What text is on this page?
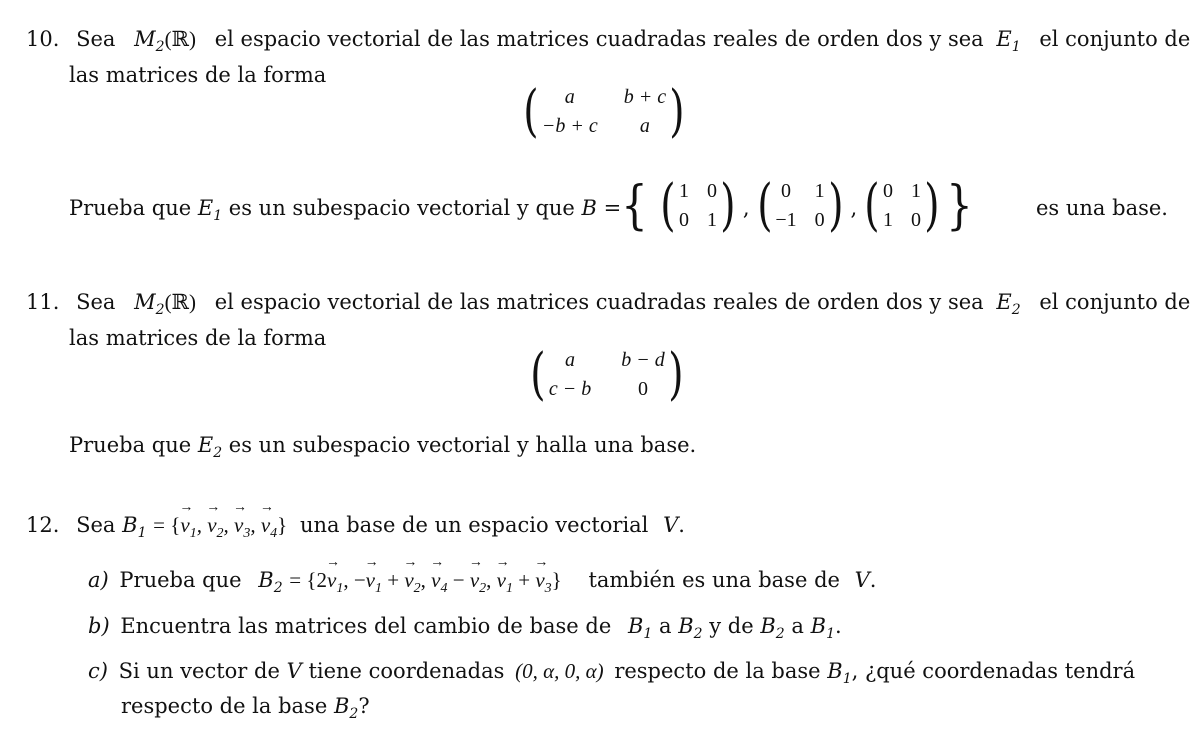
10. Sea $M_2(ℝ)$ el espacio vectorial de las matrices cuadradas reales de orden dos y sea $E_1$ el conjunto de
las matrices de la forma
(	a	b + c
−b + c	a )
Prueba que $E_1$ es un subespacio vectorial y que B = { ( 1 0
0 1 ) , ( 0 1
−1 0 ) , ( 0 1
1 0 ) }	es una base.
11. Sea $M_2(ℝ)$ el espacio vectorial de las matrices cuadradas reales de orden dos y sea $E_2$ el conjunto de
las matrices de la forma
( a	b − d
c − b	0 )
Prueba que $E_2$ es un subespacio vectorial y halla una base.
12. Sea $B_1$ = {→ $v_1$, → $v_2$, → $v_3$, → $v_4$} una base de un espacio vectorial V.
a) Prueba que $B_2 = \{2\to v_1$, −→ $v_1$ + → $v_2$, → $v_4$ − → $v_2$, → $v_1$ + → $v_3$} también es una base de V.
b) Encuentra las matrices del cambio de base de $B_1$ a $B_2$ y de $B_2$ a $B_1$.
c) Si un vector de V tiene coordenadas (0, α, 0, α) respecto de la base $B_1$, ¿qué coordenadas tendrá
respecto de la base $B_2$?
